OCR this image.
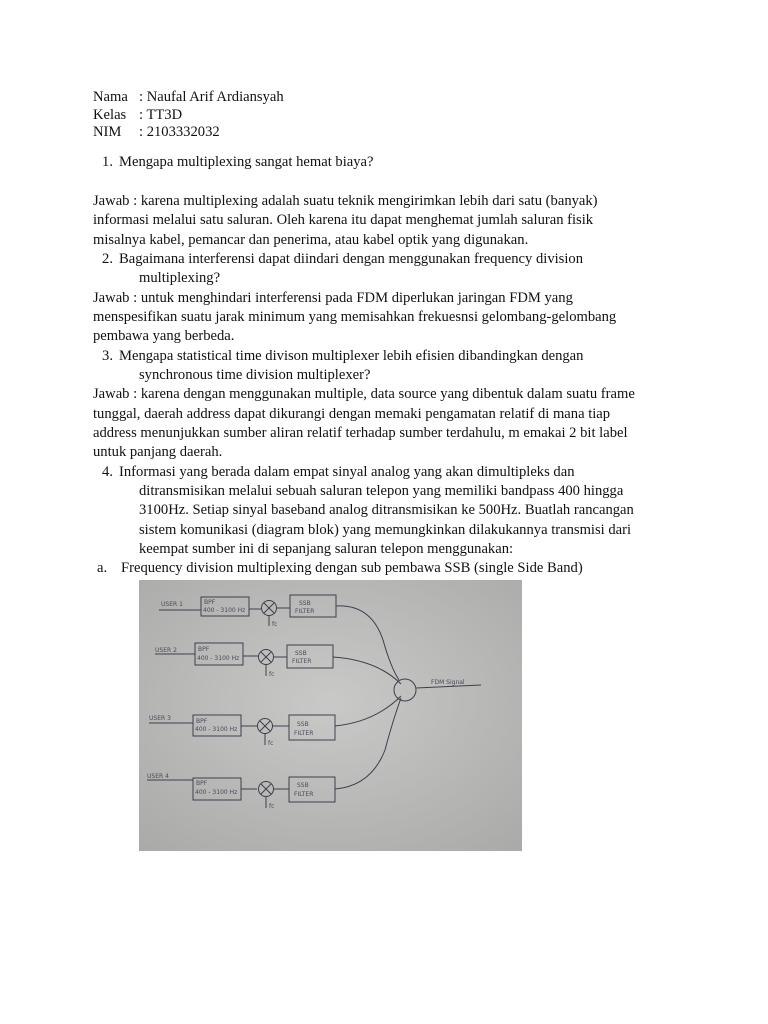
Nama : Naufal Arif Ardiansyah
Kelas : TT3D
NIM : 2103332032
1. Mengapa multiplexing sangat hemat biaya?
Jawab : karena multiplexing adalah suatu teknik mengirimkan lebih dari satu (banyak)
informasi melalui satu saluran. Oleh karena itu dapat menghemat jumlah saluran fisik
misalnya kabel, pemancar dan penerima, atau kabel optik yang digunakan.
2. Bagaimana interferensi dapat diindari dengan menggunakan frequency division
multiplexing?
Jawab : untuk menghindari interferensi pada FDM diperlukan jaringan FDM yang
menspesifikan suatu jarak minimum yang memisahkan frekuesnsi gelombang-gelombang
pembawa yang berbeda.
3. Mengapa statistical time divison multiplexer lebih efisien dibandingkan dengan
synchronous time division multiplexer?
Jawab : karena dengan menggunakan multiple, data source yang dibentuk dalam suatu frame
tunggal, daerah address dapat dikurangi dengan memaki pengamatan relatif di mana tiap
address menunjukkan sumber aliran relatif terhadap sumber terdahulu, m emakai 2 bit label
untuk panjang daerah.
4. Informasi yang berada dalam empat sinyal analog yang akan dimultipleks dan
ditransmisikan melalui sebuah saluran telepon yang memiliki bandpass 400 hingga
3100Hz. Setiap sinyal baseband analog ditransmisikan ke 500Hz. Buatlah rancangan
sistem komunikasi (diagram blok) yang memungkinkan dilakukannya transmisi dari
keempat sumber ini di sepanjang saluran telepon menggunakan:
a. Frequency division multiplexing dengan sub pembawa SSB (single Side Band)
USER 1
USER 2
USER 3
USER 4
BPF
400 - 3100 Hz
BPF
400 - 3100 Hz
BPF
400 - 3100 Hz
BPF
400 - 3100 Hz
fc
fc
fc
fc
SSB
FILTER
SSB
FILTER
SSB
FILTER
SSB
FILTER
FDM Signal
